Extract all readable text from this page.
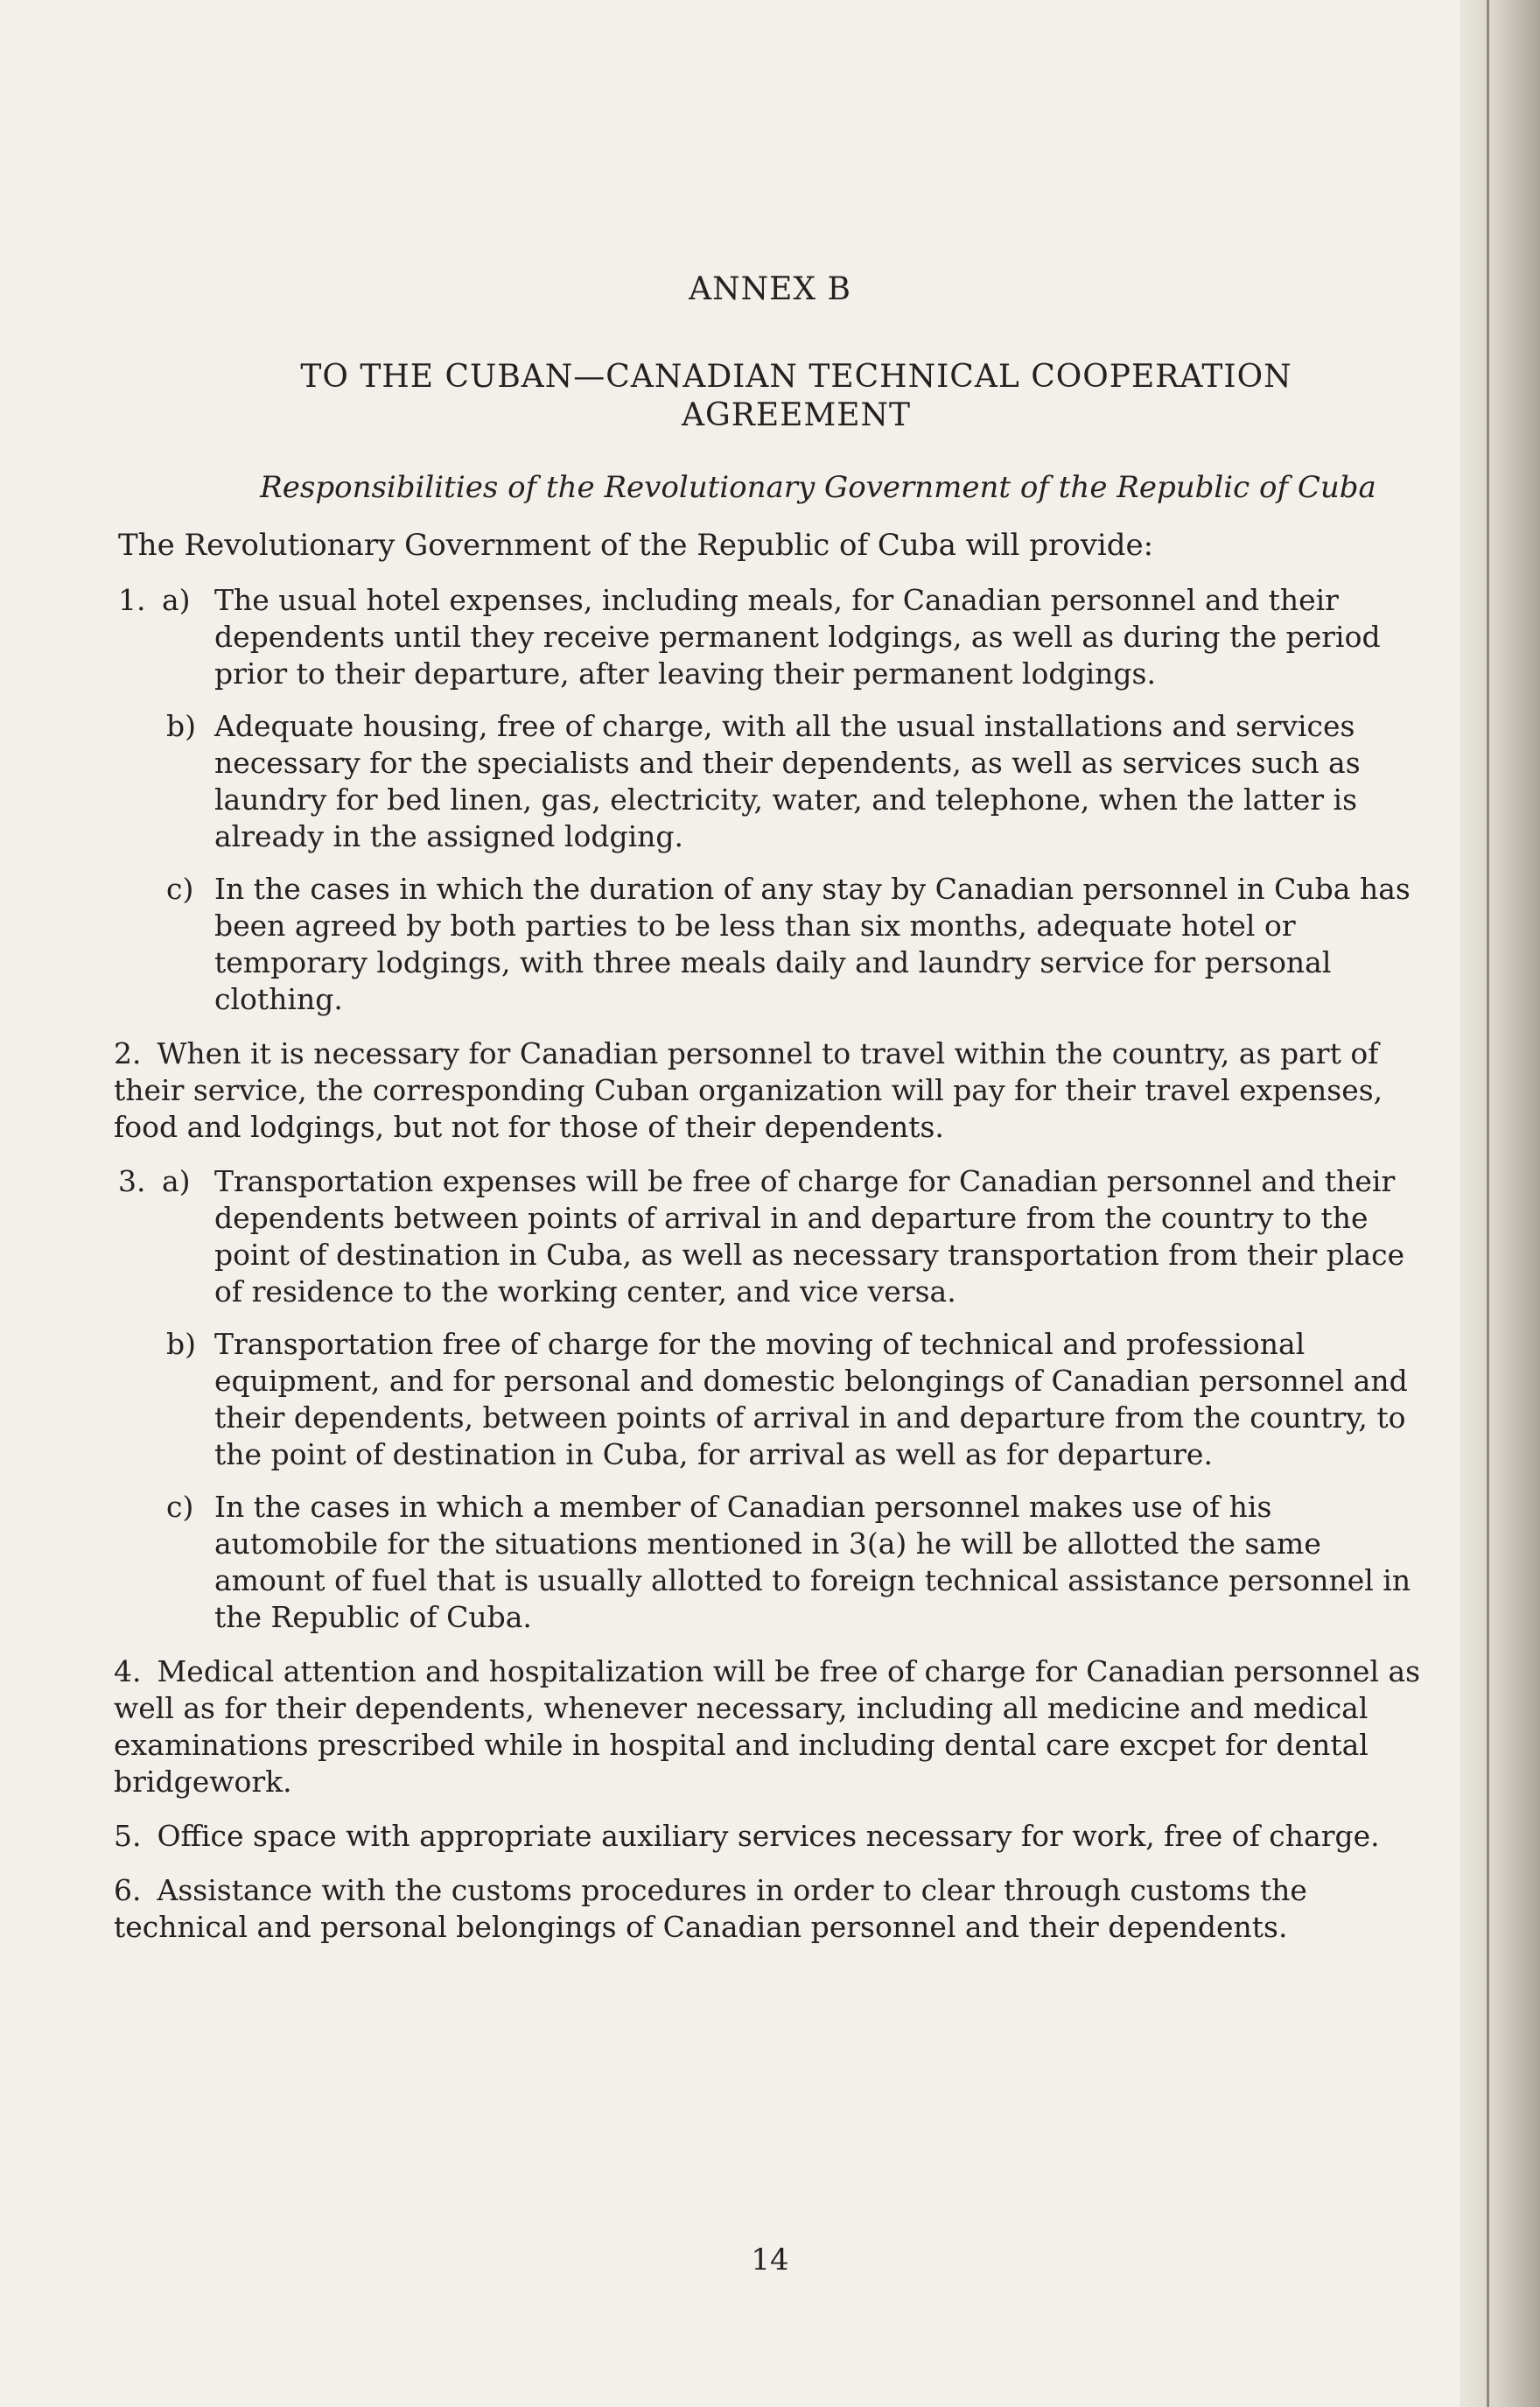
ANNEX B
TO THE CUBAN—CANADIAN TECHNICAL COOPERATION
AGREEMENT
Responsibilities of the Revolutionary Government of the Republic of Cuba
The Revolutionary Government of the Republic of Cuba will provide:
1. a) The usual hotel expenses, including meals, for Canadian personnel and their dependents until they receive permanent lodgings, as well as during the period prior to their departure, after leaving their permanent lodgings.
b) Adequate housing, free of charge, with all the usual installations and services necessary for the specialists and their dependents, as well as services such as laundry for bed linen, gas, electricity, water, and telephone, when the latter is already in the assigned lodging.
c) In the cases in which the duration of any stay by Canadian personnel in Cuba has been agreed by both parties to be less than six months, adequate hotel or temporary lodgings, with three meals daily and laundry service for personal clothing.
2. When it is necessary for Canadian personnel to travel within the country, as part of their service, the corresponding Cuban organization will pay for their travel expenses, food and lodgings, but not for those of their dependents.
3. a) Transportation expenses will be free of charge for Canadian personnel and their dependents between points of arrival in and departure from the country to the point of destination in Cuba, as well as necessary transportation from their place of residence to the working center, and vice versa.
b) Transportation free of charge for the moving of technical and professional equipment, and for personal and domestic belongings of Canadian personnel and their dependents, between points of arrival in and departure from the country, to the point of destination in Cuba, for arrival as well as for departure.
c) In the cases in which a member of Canadian personnel makes use of his automobile for the situations mentioned in 3(a) he will be allotted the same amount of fuel that is usually allotted to foreign technical assistance personnel in the Republic of Cuba.
4. Medical attention and hospitalization will be free of charge for Canadian personnel as well as for their dependents, whenever necessary, including all medicine and medical examinations prescribed while in hospital and including dental care excpet for dental bridgework.
5. Office space with appropriate auxiliary services necessary for work, free of charge.
6. Assistance with the customs procedures in order to clear through customs the technical and personal belongings of Canadian personnel and their dependents.
14
